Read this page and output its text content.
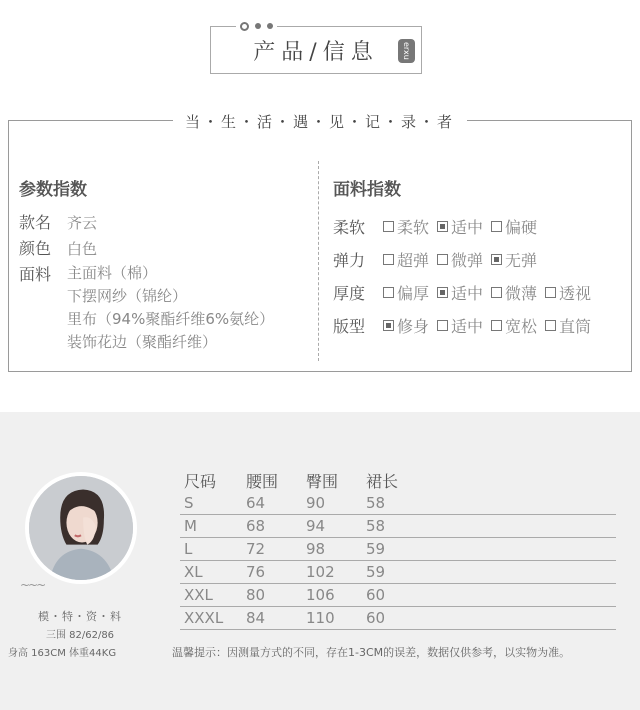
产品/信息	erxu
当・生・活・遇・见・记・录・者
参数指数
款名	齐云
颜色	白色
面料	主面料（棉）
下摆网纱（锦纶）
里布（94%聚酯纤维6%氨纶）
装饰花边（聚酯纤维）
面料指数
柔软	柔软 适中 偏硬
弹力	超弹 微弹 无弹
厚度	偏厚 适中 微薄 透视
版型	修身 适中 宽松 直筒
~~~
模・特・资・料
三围 82/62/86
身高 163CM 体重44KG
尺码	腰围	臀围	裙长
S	64	90	58
M	68	94	58
L	72	98	59
XL	76	102	59
XXL	80	106	60
XXXL	84	110	60
温馨提示：因测量方式的不同，存在1-3CM的误差，数据仅供参考，以实物为准。
